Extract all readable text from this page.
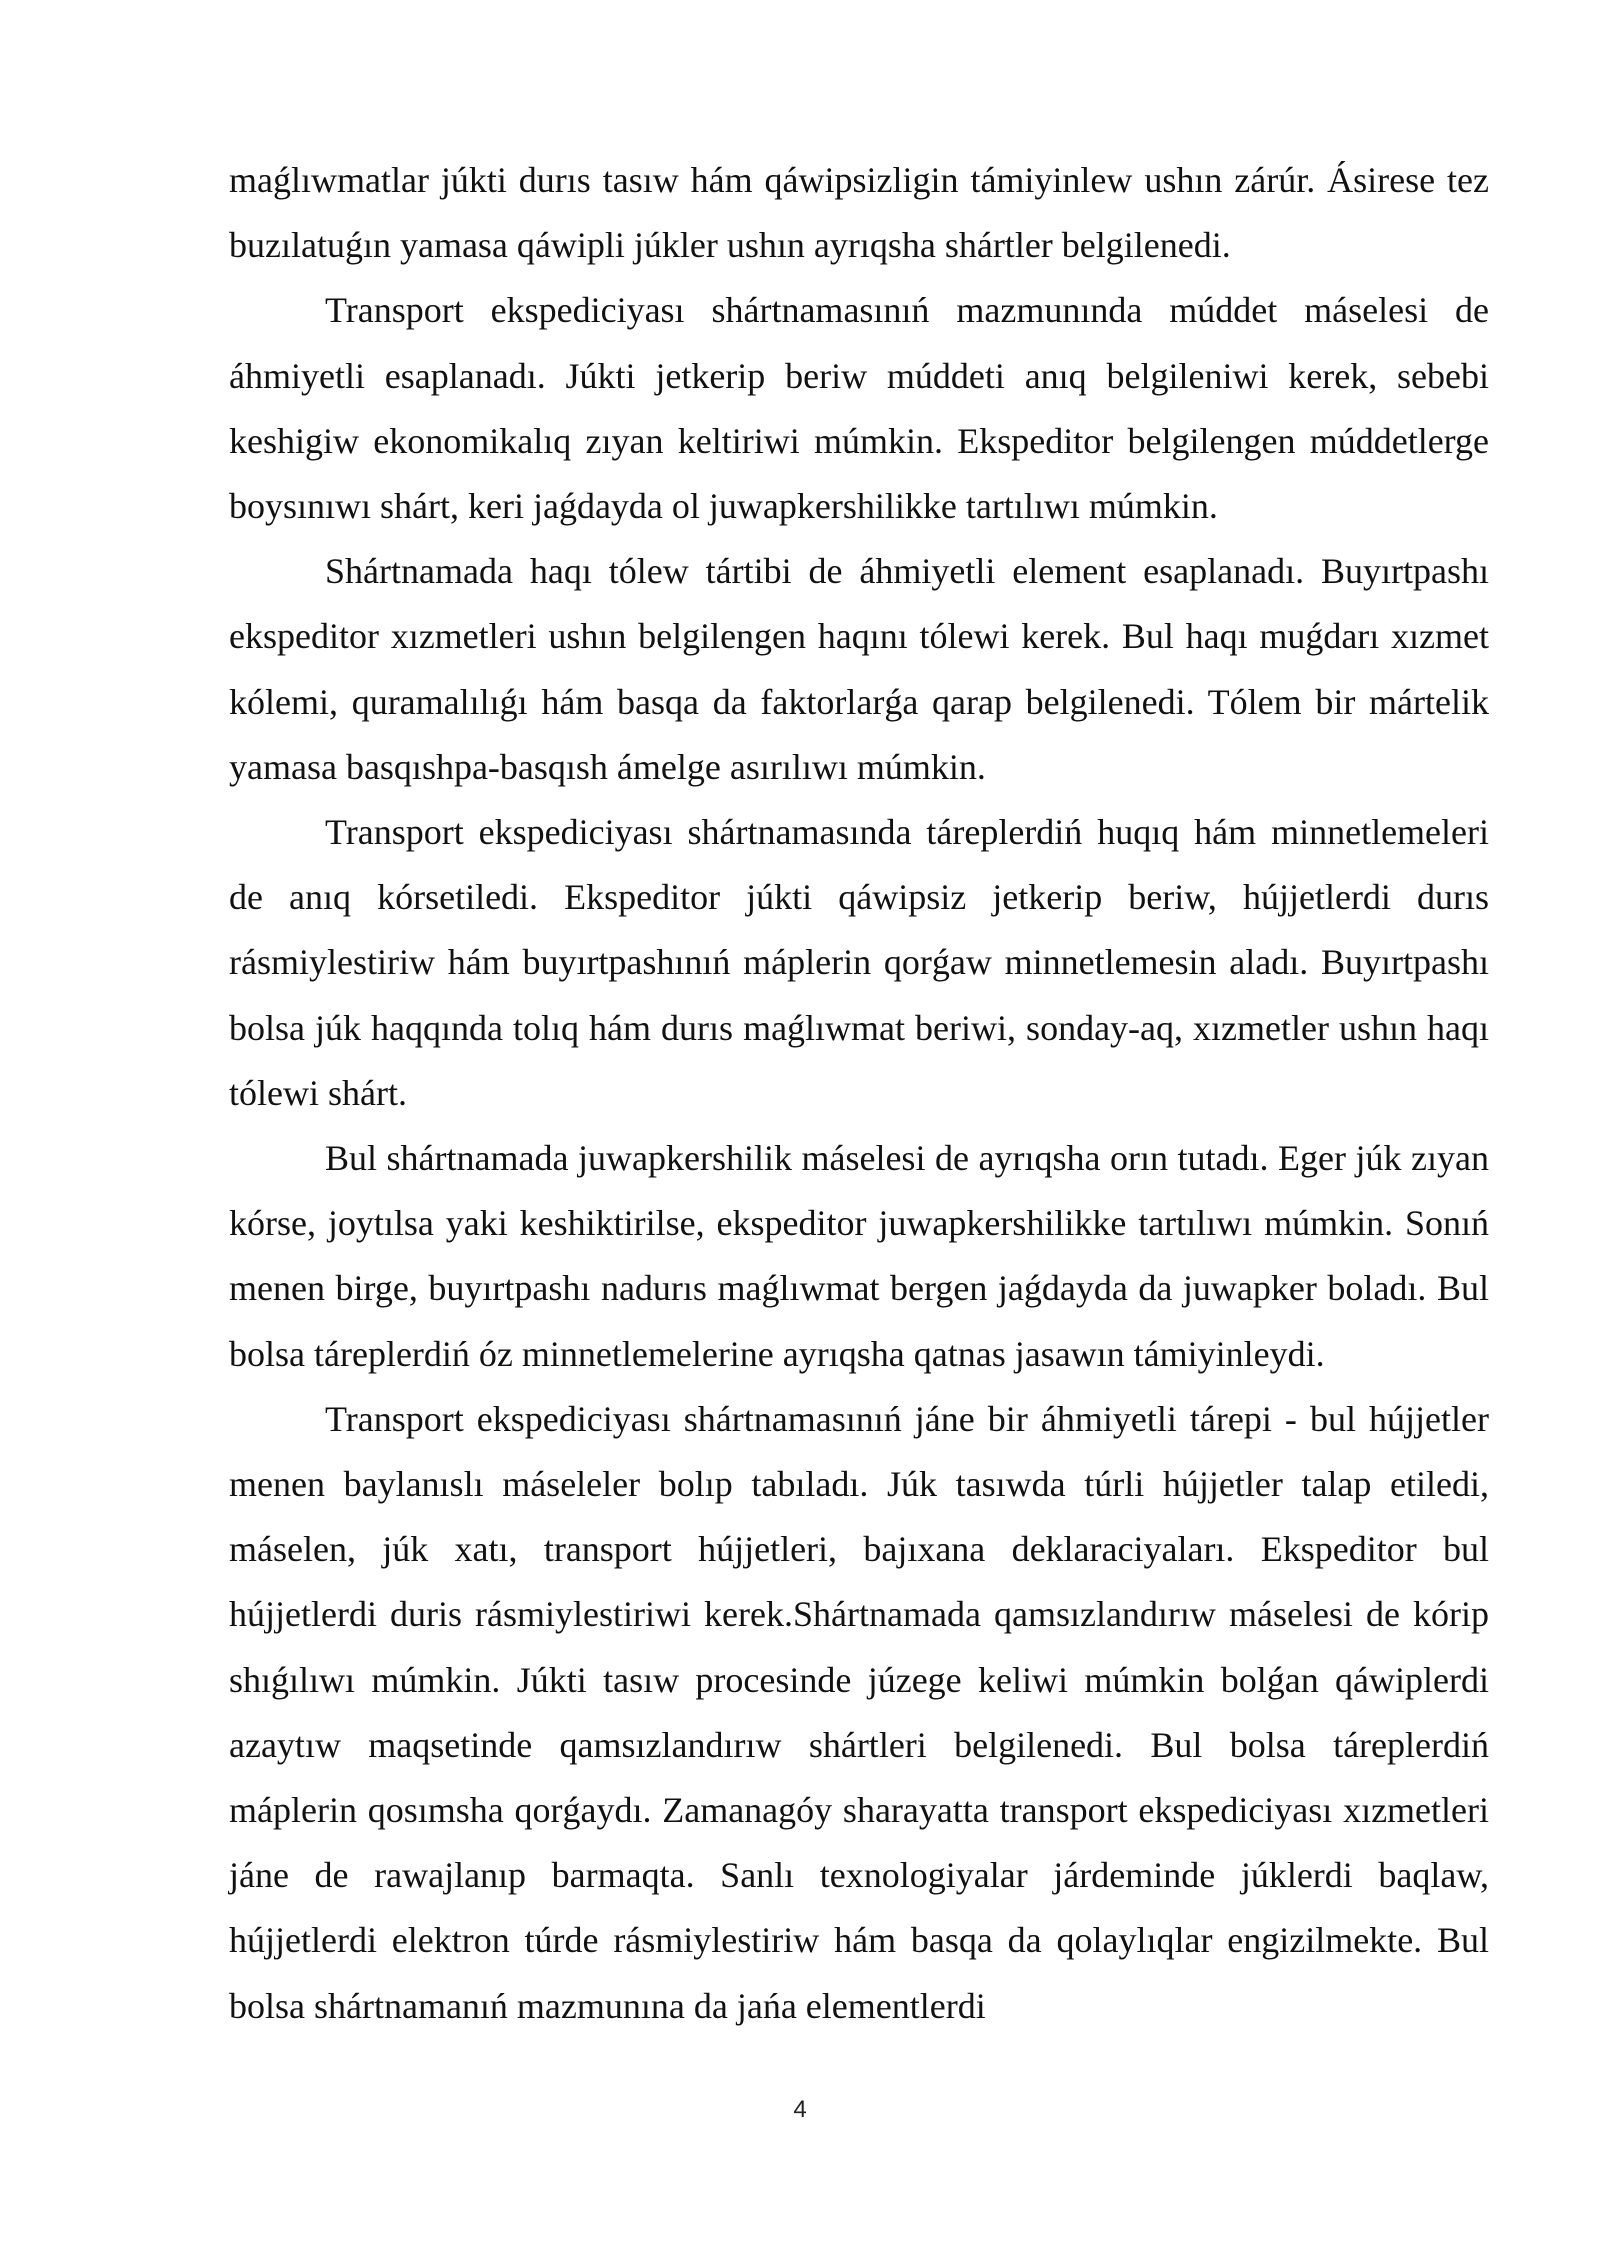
maǵlıwmatlar júkti durıs tasıw hám qáwipsizligin támiyinlew ushın zárúr. Ásirese tez buzılatuǵın yamasa qáwipli júkler ushın ayrıqsha shártler belgilenedi.

Transport ekspediciyası shártnamasınıń mazmunında múddet máselesi de áhmiyetli esaplanadı. Júkti jetkerip beriw múddeti anıq belgileniwi kerek, sebebi keshigiw ekonomikalıq zıyan keltiriwi múmkin. Ekspeditor belgilengen múddetlerge boysınıwı shárt, keri jaǵdayda ol juwapkershilikke tartılıwı múmkin.

Shártnamada haqı tólew tártibi de áhmiyetli element esaplanadı. Buyırtpashı ekspeditor xızmetleri ushın belgilengen haqını tólewi kerek. Bul haqı muǵdarı xızmet kólemi, quramalılıǵı hám basqa da faktorlarǵa qarap belgilenedi. Tólem bir mártelik yamasa basqıshpa-basqısh ámelge asırılıwı múmkin.

Transport ekspediciyası shártnamasında táreplerdiń huqıq hám minnetlemeleri de anıq kórsetiledi. Ekspeditor júkti qáwipsiz jetkerip beriw, hújjetlerdi durıs rásmiylestiriw hám buyırtpashınıń máplerin qorǵaw minnetlemesin aladı. Buyırtpashı bolsa júk haqqında tolıq hám durıs maǵlıwmat beriwi, sonday-aq, xızmetler ushın haqı tólewi shárt.

Bul shártnamada juwapkershilik máselesi de ayrıqsha orın tutadı. Eger júk zıyan kórse, joytılsa yaki keshiktirilse, ekspeditor juwapkershilikke tartılıwı múmkin. Sonıń menen birge, buyırtpashı nadurıs maǵlıwmat bergen jaǵdayda da juwapker boladı. Bul bolsa táreplerdiń óz minnetlemelerine ayrıqsha qatnas jasawın támiyinleydi.

Transport ekspediciyası shártnamasınıń jáne bir áhmiyetli tárepi - bul hújjetler menen baylanıslı máseleler bolıp tabıladı. Júk tasıwda túrli hújjetler talap etiledi, máselen, júk xatı, transport hújjetleri, bajıxana deklaraciyaları. Ekspeditor bul hújjetlerdi duris rásmiylestiriwi kerek.Shártnamada qamsızlandırıw máselesi de kórip shıǵılıwı múmkin. Júkti tasıw procesinde júzege keliwi múmkin bolǵan qáwiplerdi azaytıw maqsetinde qamsızlandırıw shártleri belgilenedi. Bul bolsa táreplerdiń máplerin qosımsha qorǵaydı. Zamanagóy sharayatta transport ekspediciyası xızmetleri jáne de rawajlanıp barmaqta. Sanlı texnologiyalar járdeminde júklerdi baqlaw, hújjetlerdi elektron túrde rásmiylestiriw hám basqa da qolaylıqlar engizilmekte. Bul bolsa shártnamanıń mazmunına da jańa elementlerdi

4
